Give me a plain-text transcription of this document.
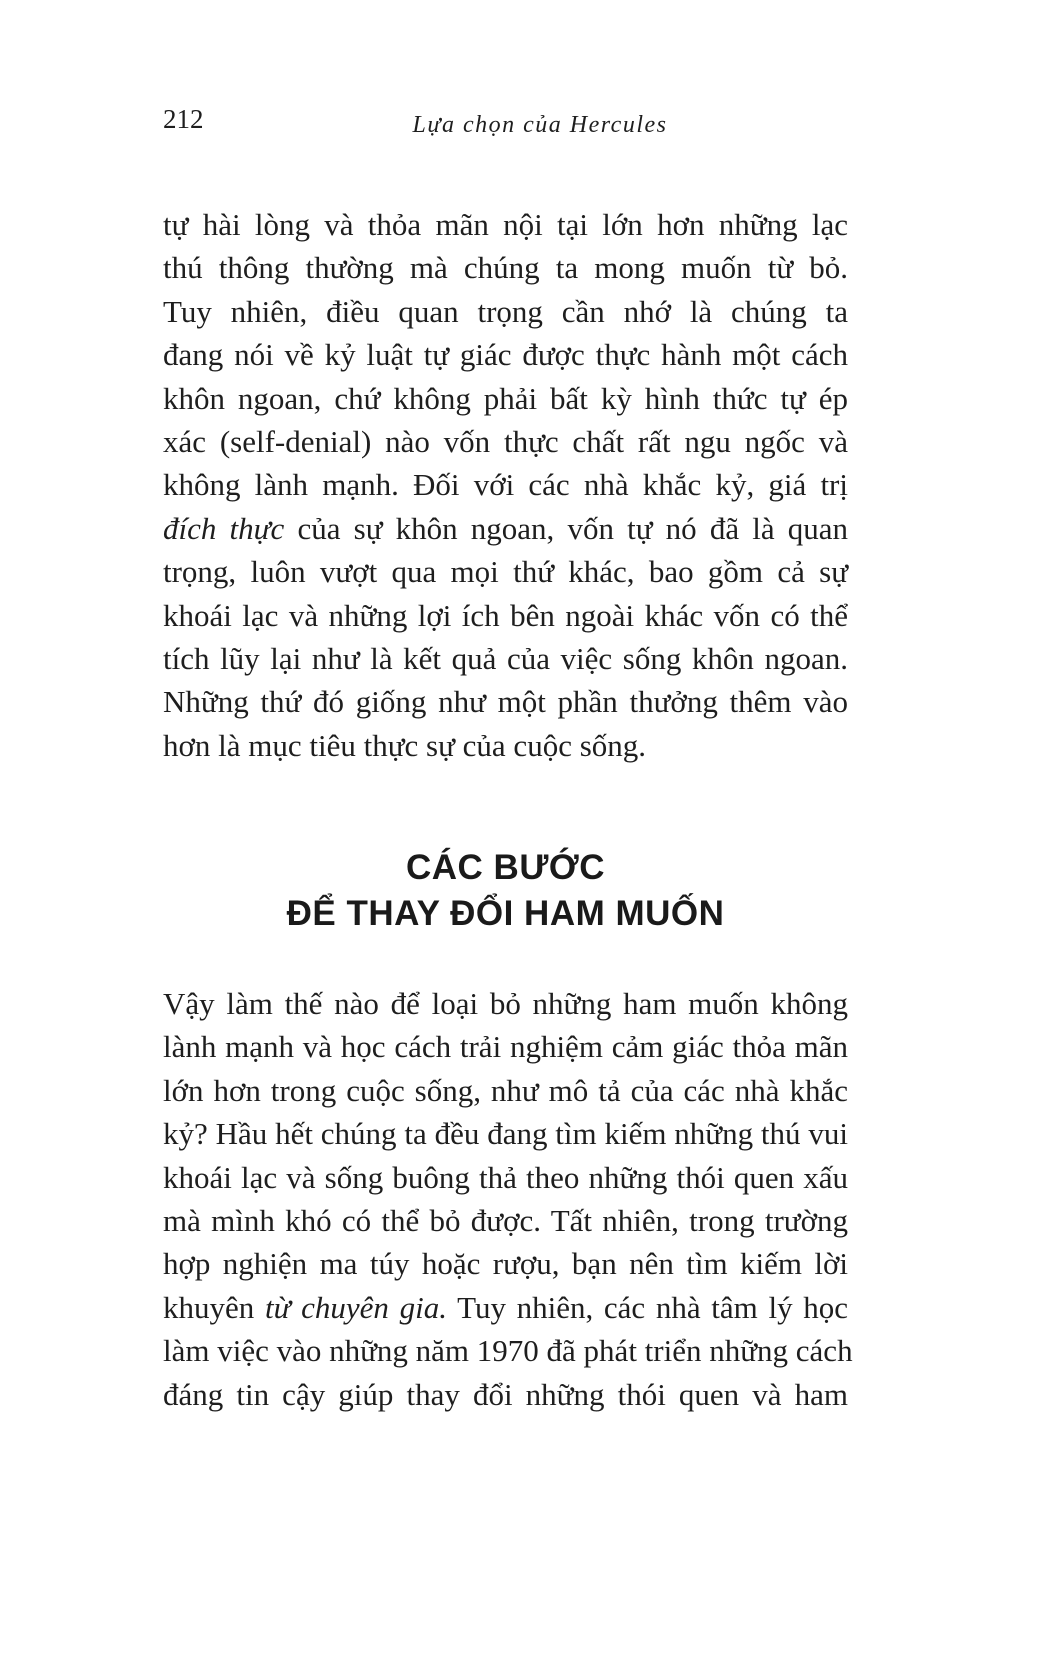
212	Lựa chọn của Hercules
tự hài lòng và thỏa mãn nội tại lớn hơn những lạc
thú thông thường mà chúng ta mong muốn từ bỏ.
Tuy nhiên, điều quan trọng cần nhớ là chúng ta
đang nói về kỷ luật tự giác được thực hành một cách
khôn ngoan, chứ không phải bất kỳ hình thức tự ép
xác (self-denial) nào vốn thực chất rất ngu ngốc và
không lành mạnh. Đối với các nhà khắc kỷ, giá trị
đích thực của sự khôn ngoan, vốn tự nó đã là quan
trọng, luôn vượt qua mọi thứ khác, bao gồm cả sự
khoái lạc và những lợi ích bên ngoài khác vốn có thể
tích lũy lại như là kết quả của việc sống khôn ngoan.
Những thứ đó giống như một phần thưởng thêm vào
hơn là mục tiêu thực sự của cuộc sống.
CÁC BƯỚC
ĐỂ THAY ĐỔI HAM MUỐN
Vậy làm thế nào để loại bỏ những ham muốn không
lành mạnh và học cách trải nghiệm cảm giác thỏa mãn
lớn hơn trong cuộc sống, như mô tả của các nhà khắc
kỷ? Hầu hết chúng ta đều đang tìm kiếm những thú vui
khoái lạc và sống buông thả theo những thói quen xấu
mà mình khó có thể bỏ được. Tất nhiên, trong trường
hợp nghiện ma túy hoặc rượu, bạn nên tìm kiếm lời
khuyên từ chuyên gia. Tuy nhiên, các nhà tâm lý học
làm việc vào những năm 1970 đã phát triển những cách
đáng tin cậy giúp thay đổi những thói quen và ham
